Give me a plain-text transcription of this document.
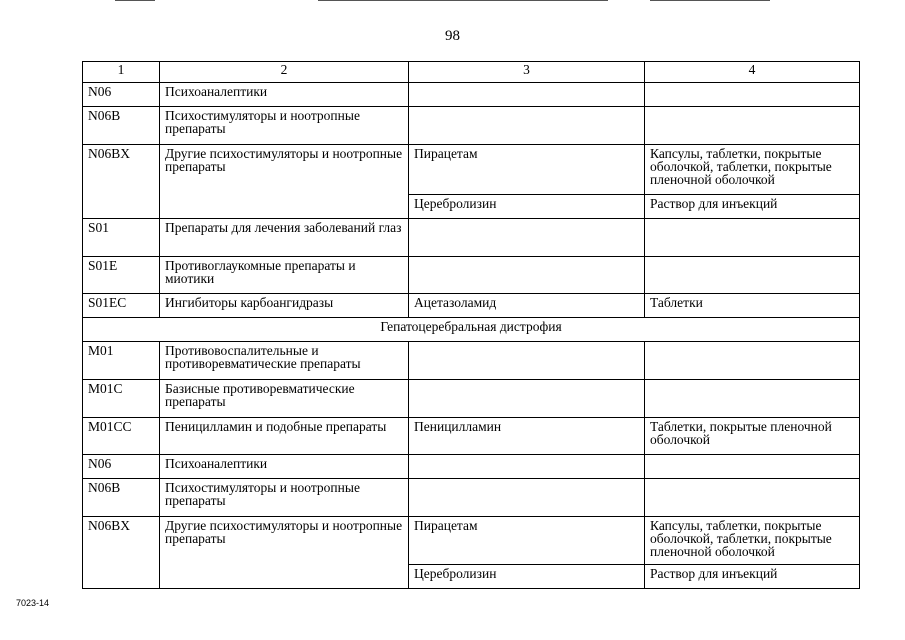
98
1	2	3	4
N06	Психоаналептики		
N06B	Психостимуляторы и ноотропные препараты		
N06BX	Другие психостимуляторы и ноотропные препараты	Пирацетам	Капсулы, таблетки, покрытые оболочкой, таблетки, покрытые пленочной оболочкой
		Церебролизин	Раствор для инъекций
S01	Препараты для лечения заболеваний глаз		
S01E	Противоглаукомные препараты и миотики		
S01EC	Ингибиторы карбоангидразы	Ацетазоламид	Таблетки
Гепатоцеребральная дистрофия			
M01	Противовоспалительные и противоревматические препараты		
M01C	Базисные противоревматические препараты		
M01CC	Пеницилламин и подобные препараты	Пеницилламин	Таблетки, покрытые пленочной оболочкой
N06	Психоаналептики		
N06B	Психостимуляторы и ноотропные препараты		
N06BX	Другие психостимуляторы и ноотропные препараты	Пирацетам	Капсулы, таблетки, покрытые оболочкой, таблетки, покрытые пленочной оболочкой
		Церебролизин	Раствор для инъекций
7023-14
